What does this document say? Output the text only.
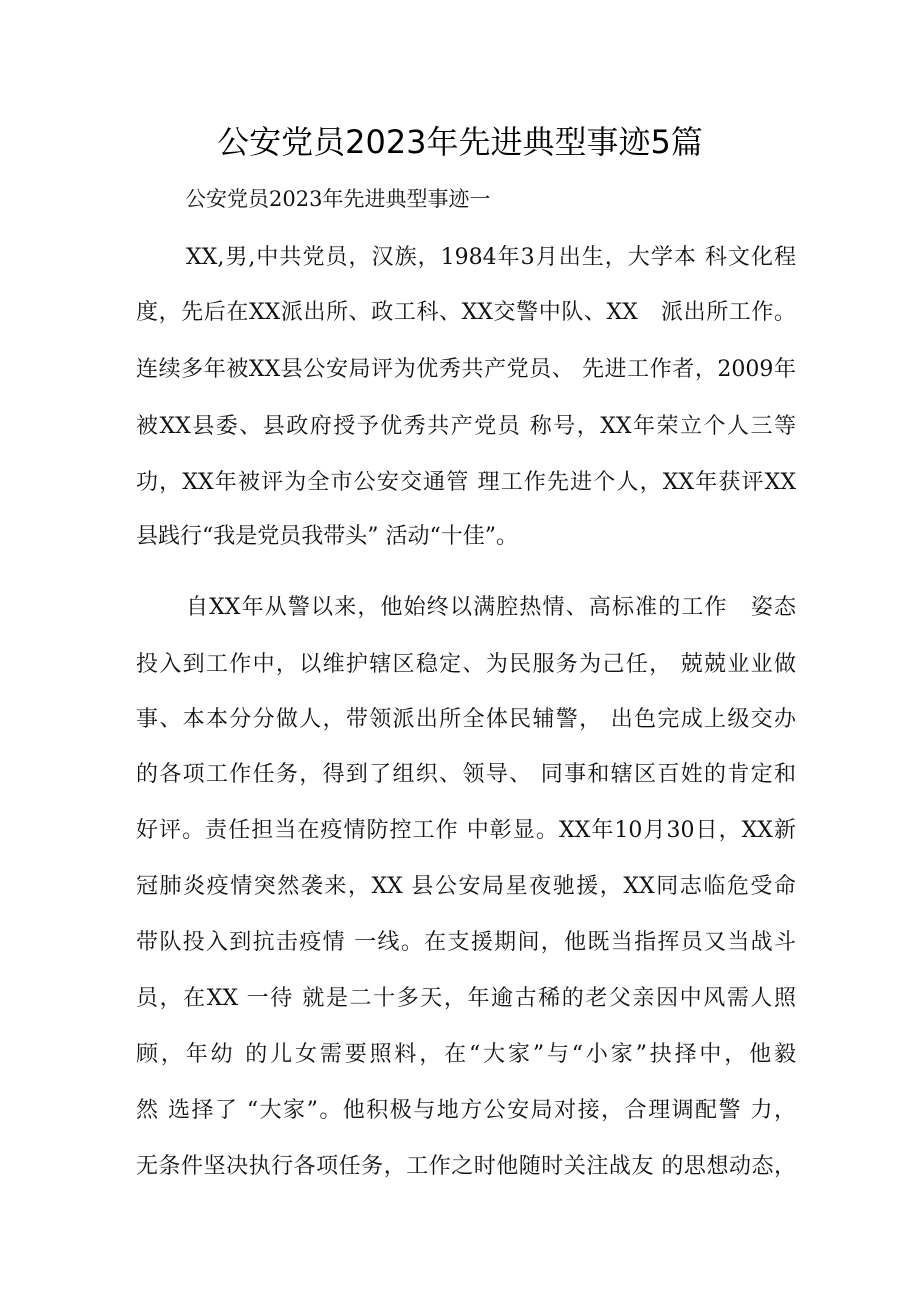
公安党员2023年先进典型事迹5篇
公安党员2023年先进典型事迹一
XX,男,中共党员，汉族，1984年3月出生，大学本 科文化程
度，先后在XX派出所、政工科、XX交警中队、XX　派出所工作。
连续多年被XX县公安局评为优秀共产党员、 先进工作者，2009年
被XX县委、县政府授予优秀共产党员 称号，XX年荣立个人三等
功，XX年被评为全市公安交通管 理工作先进个人，XX年获评XX
县践行“我是党员我带头” 活动“十佳”。
自XX年从警以来，他始终以满腔热情、高标准的工作　姿态
投入到工作中，以维护辖区稳定、为民服务为己任， 兢兢业业做
事、本本分分做人，带领派出所全体民辅警， 出色完成上级交办
的各项工作任务，得到了组织、领导、 同事和辖区百姓的肯定和
好评。责任担当在疫情防控工作 中彰显。XX年10月30日，XX新
冠肺炎疫情突然袭来，XX 县公安局星夜驰援，XX同志临危受命
带队投入到抗击疫情 一线。在支援期间，他既当指挥员又当战斗
员，在XX 一待 就是二十多天，年逾古稀的老父亲因中风需人照
顾，年幼 的儿女需要照料，在“大家”与“小家”抉择中，他毅
然 选择了 “大家”。他积极与地方公安局对接，合理调配警 力，
无条件坚决执行各项任务，工作之时他随时关注战友 的思想动态，
